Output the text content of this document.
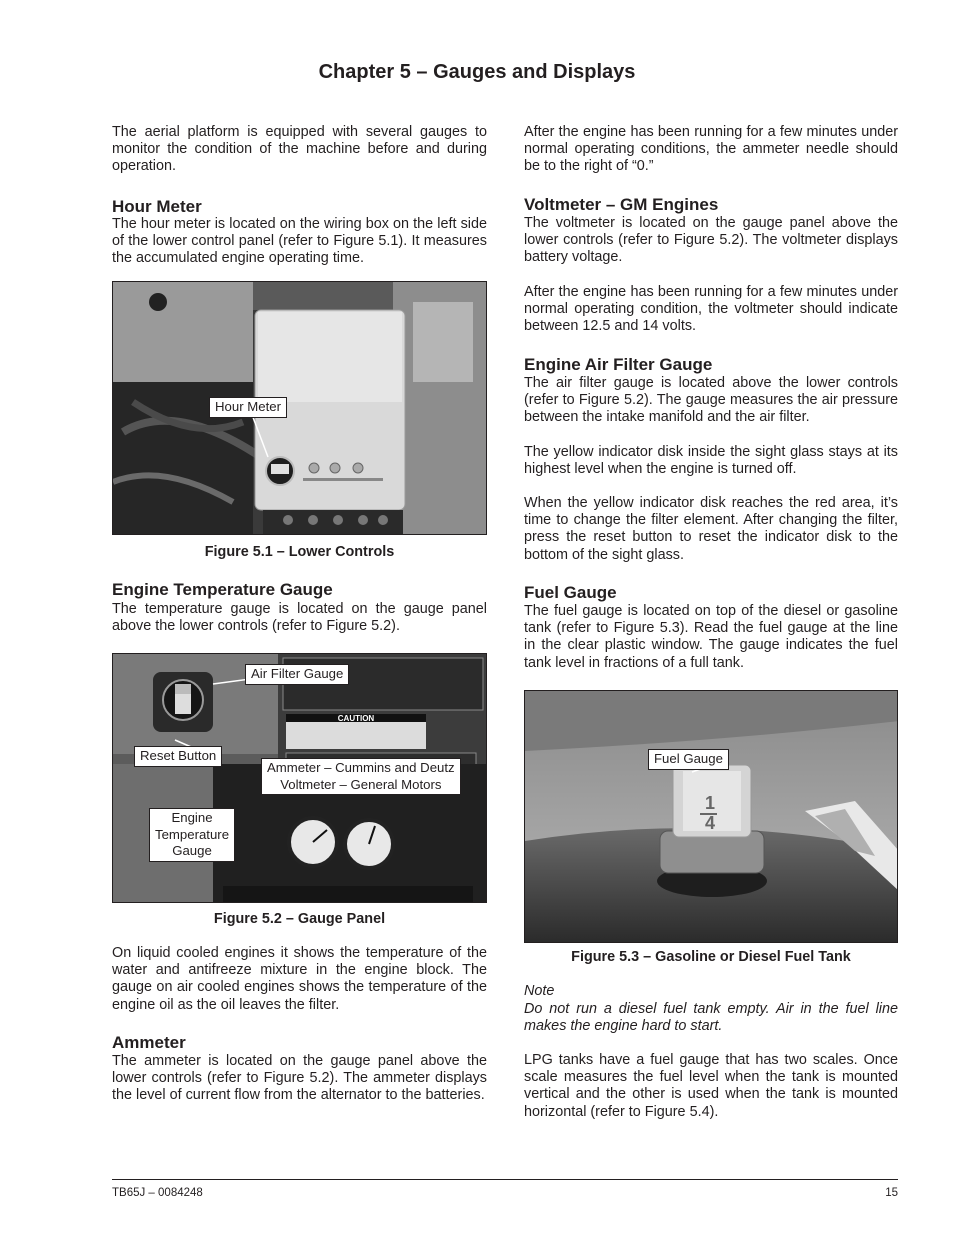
Chapter 5 – Gauges and Displays

The aerial platform is equipped with several gauges to monitor the condition of the machine before and during operation.

Hour Meter

The hour meter is located on the wiring box on the left side of the lower control panel (refer to Figure 5.1). It measures the accumulated engine operating time.

Hour Meter
Figure 5.1 – Lower Controls
Engine Temperature Gauge

The temperature gauge is located on the gauge panel above the lower controls (refer to Figure 5.2).

CAUTION
Air Filter Gauge
Reset Button
Ammeter – Cummins and Deutz
Voltmeter – General Motors
Engine
Temperature
Gauge
Figure 5.2 – Gauge Panel

On liquid cooled engines it shows the temperature of the water and antifreeze mixture in the engine block. The gauge on air cooled engines shows the temperature of the engine oil as the oil leaves the filter.

Ammeter

The ammeter is located on the gauge panel above the lower controls (refer to Figure 5.2). The ammeter displays the level of current flow from the alternator to the batteries.

After the engine has been running for a few minutes under normal operating conditions, the ammeter needle should be to the right of “0.”

Voltmeter – GM Engines

The voltmeter is located on the gauge panel above the lower controls (refer to Figure 5.2). The voltmeter displays battery voltage.

After the engine has been running for a few minutes under normal operating condition, the voltmeter should indicate between 12.5 and 14 volts.

Engine Air Filter Gauge

The air filter gauge is located above the lower controls (refer to Figure 5.2). The gauge measures the air pressure between the intake manifold and the air filter.

The yellow indicator disk inside the sight glass stays at its highest level when the engine is turned off.

When the yellow indicator disk reaches the red area, it’s time to change the filter element. After changing the filter, press the reset button to reset the indicator disk to the bottom of the sight glass.

Fuel Gauge

The fuel gauge is located on top of the diesel or gasoline tank (refer to Figure 5.3). Read the fuel gauge at the line in the clear plastic window. The gauge indicates the fuel tank level in fractions of a full tank.

1
4
Fuel Gauge
Figure 5.3 – Gasoline or Diesel Fuel Tank

Note

Do not run a diesel fuel tank empty. Air in the fuel line makes the engine hard to start.

LPG tanks have a fuel gauge that has two scales. Once scale measures the fuel level when the tank is mounted vertical and the other is used when the tank is mounted horizontal (refer to Figure 5.4).

TB65J – 0084248	15
